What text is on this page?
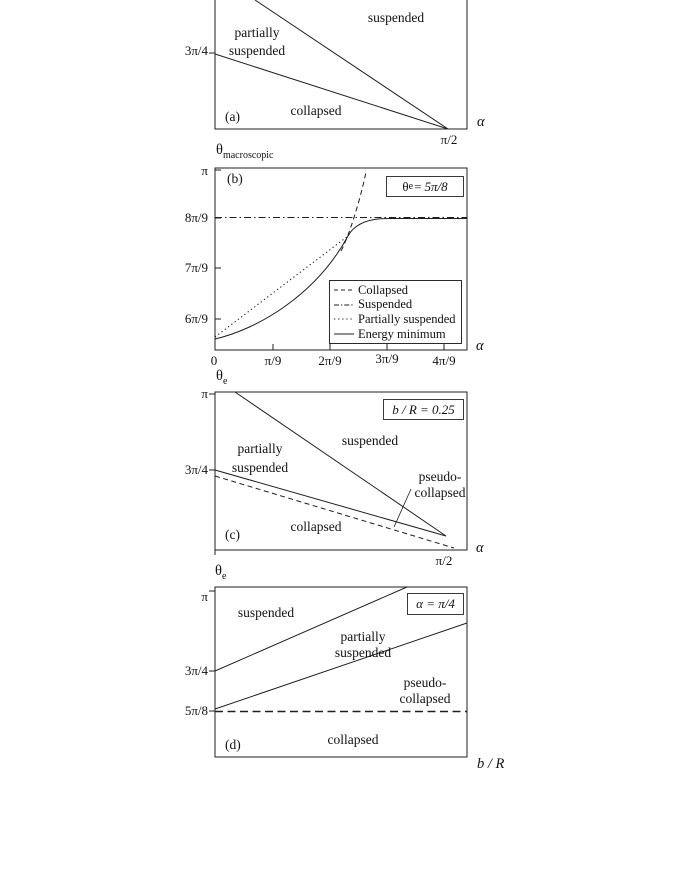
3π/4
partially
suspended
suspended
collapsed
(a)	α
π/2
$\theta_{macroscopic}$
π
8π/9
7π/9
6π/9
(b)	θ e = 5π/8
Collapsed
Suspended
Partially suspended
Energy minimum
0	π/9	2π/9	3π/9	4π/9
α
$\theta_e$
π
3π/4
b / R = 0.25
partially
suspended
suspended
pseudo-
collapsed
collapsed
(c)
α
π/2
$\theta_e$
π
3π/4
5π/8
α = π/4
suspended
partially
suspended
pseudo-
collapsed
collapsed
(d)
b / R
